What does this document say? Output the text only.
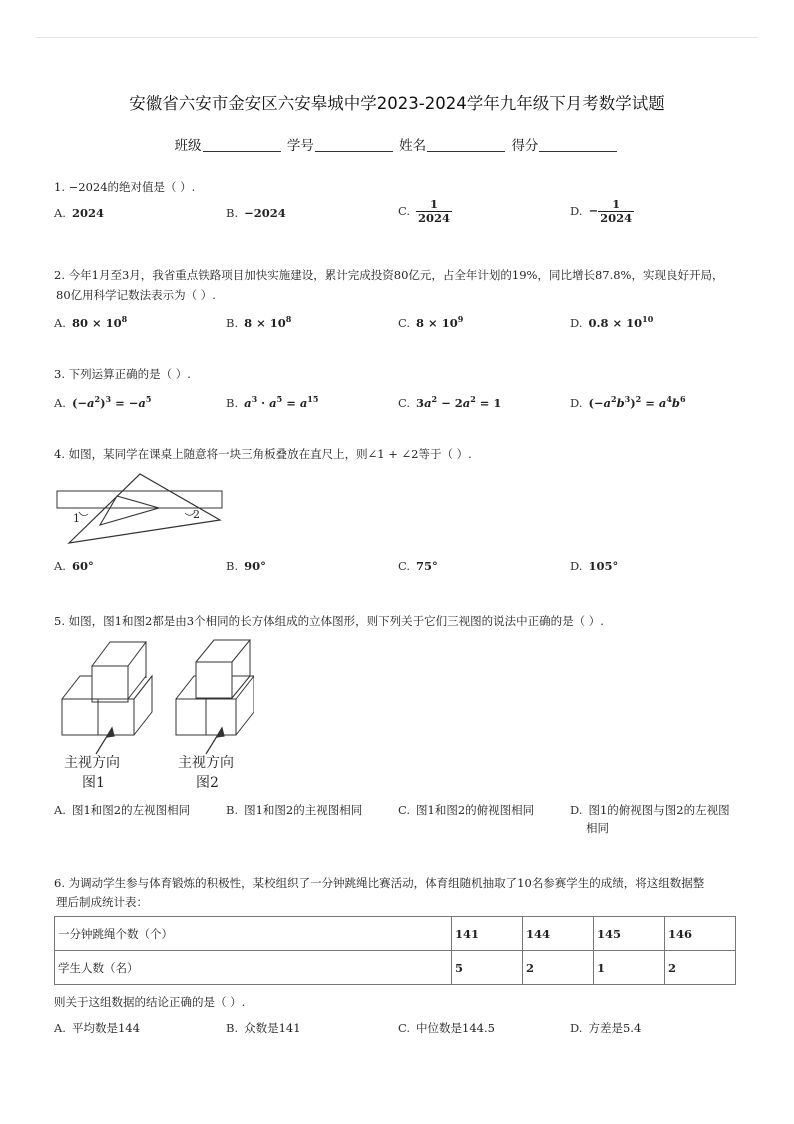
安徽省六安市金安区六安皋城中学2023-2024学年九年级下月考数学试题
班级	学号	姓名	得分
1. −2024的绝对值是（ ）.
A. 2024	B. −2024	C. $\frac{1}{2024}$	D. − $\frac{1}{2024}$
2. 今年1月至3月，我省重点铁路项目加快实施建设，累计完成投资80亿元，占全年计划的19%，同比增长87.8%，实现良好开局，
80亿用科学记数法表示为（ ）.
A. $80 \times 10^8$	B. $8 \times 10^8$	C. $8 \times 10^9$	D. $0.8 \times 10^{10}$
3. 下列运算正确的是（ ）.
A. $(-a^2)^3 = -a^5$	B. $a^3 \cdot a^5 = a^{15}$	C. $3a^2 - 2a^2 = 1$	D. $(-a^2b^3)^2 = a^4b^6$
4. 如图，某同学在课桌上随意将一块三角板叠放在直尺上，则∠1 + ∠2等于（ ）.
1	2
A. 60°	B. 90°	C. 75°	D. 105°
5. 如图，图1和图2都是由3个相同的长方体组成的立体图形，则下列关于它们三视图的说法中正确的是（ ）.
主视方向
图1
主视方向
图2
A. 图1和图2的左视图相同	B. 图1和图2的主视图相同	C. 图1和图2的俯视图相同	D. 图1的俯视图与图2的左视图
相同
6. 为调动学生参与体育锻炼的积极性，某校组织了一分钟跳绳比赛活动，体育组随机抽取了10名参赛学生的成绩，将这组数据整
理后制成统计表：
一分钟跳绳个数（个）	141	144	145	146
学生人数（名）	5	2	1	2
则关于这组数据的结论正确的是（ ）.
A. 平均数是144	B. 众数是141	C. 中位数是144.5	D. 方差是5.4
